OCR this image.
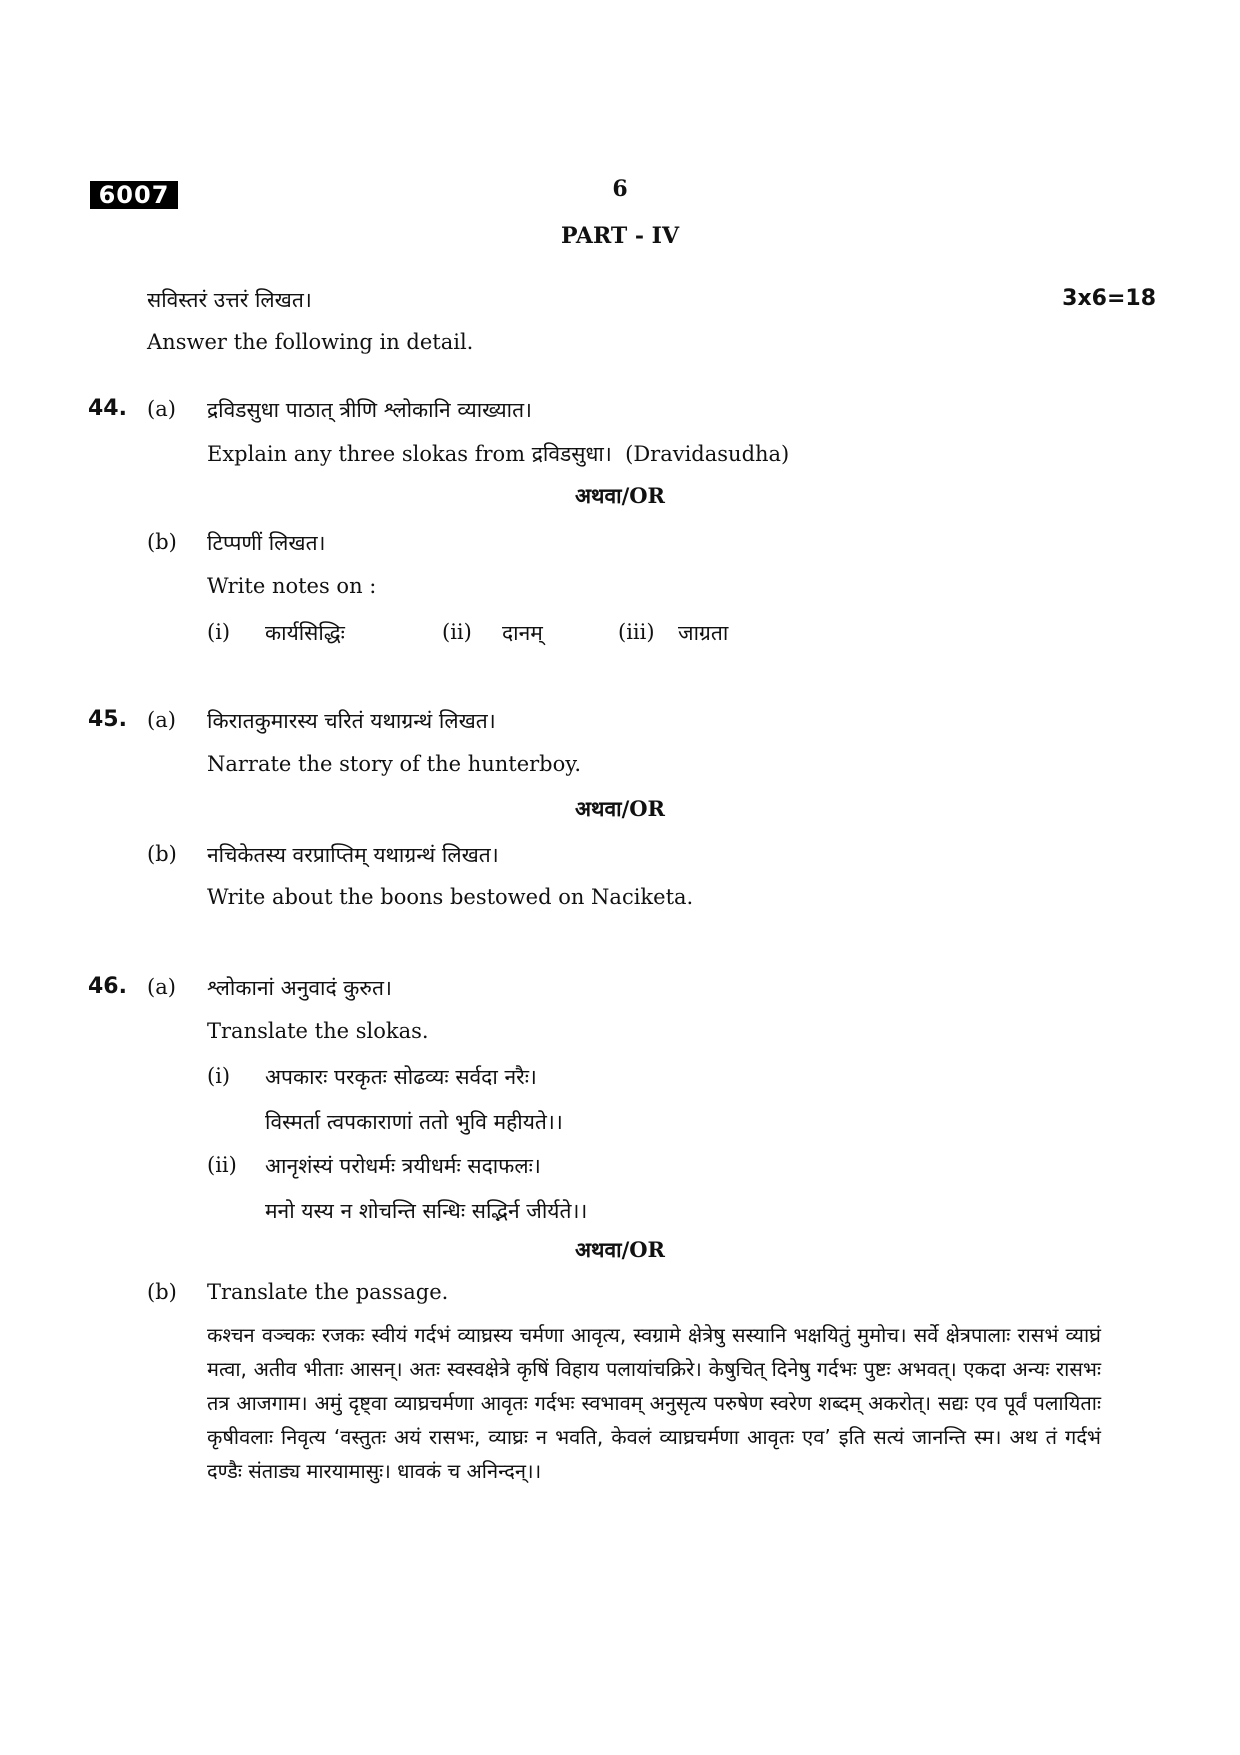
6007	6
PART - IV
सविस्तरं उत्तरं लिखत।	3x6=18
Answer the following in detail.
44. (a) द्रविडसुधा पाठात् त्रीणि श्लोकानि व्याख्यात।
Explain any three slokas from द्रविडसुधा।  (Dravidasudha)
अथवा/OR
(b) टिप्पणीं लिखत।
Write notes on :
(i) कार्यसिद्धिः	(ii) दानम्	(iii) जाग्रता
45. (a) किरातकुमारस्य चरितं यथाग्रन्थं लिखत।
Narrate the story of the hunterboy.
अथवा/OR
(b) नचिकेतस्य वरप्राप्तिम् यथाग्रन्थं लिखत।
Write about the boons bestowed on Naciketa.
46. (a) श्लोकानां अनुवादं कुरुत।
Translate the slokas.
(i) अपकारः परकृतः सोढव्यः सर्वदा नरैः।
विस्मर्ता त्वपकाराणां ततो भुवि महीयते।।
(ii) आनृशंस्यं परोधर्मः त्रयीधर्मः सदाफलः।
मनो यस्य न शोचन्ति सन्धिः सद्भिर्न जीर्यते।।
अथवा/OR
(b) Translate the passage.
कश्चन वञ्चकः रजकः स्वीयं गर्दभं व्याघ्रस्य चर्मणा आवृत्य, स्वग्रामे क्षेत्रेषु सस्यानि भक्षयितुं मुमोच। सर्वे क्षेत्रपालाः रासभं व्याघ्रं मत्वा, अतीव भीताः आसन्। अतः स्वस्वक्षेत्रे कृषिं विहाय पलायांचक्रिरे। केषुचित् दिनेषु गर्दभः पुष्टः अभवत्। एकदा अन्यः रासभः तत्र आजगाम। अमुं दृष्ट्वा व्याघ्रचर्मणा आवृतः गर्दभः स्वभावम् अनुसृत्य परुषेण स्वरेण शब्दम् अकरोत्। सद्यः एव पूर्वं पलायिताः कृषीवलाः निवृत्य ‘वस्तुतः अयं रासभः, व्याघ्रः न भवति, केवलं व्याघ्रचर्मणा आवृतः एव’ इति सत्यं जानन्ति स्म। अथ तं गर्दभं दण्डैः संताड्य मारयामासुः। धावकं च अनिन्दन्।।
